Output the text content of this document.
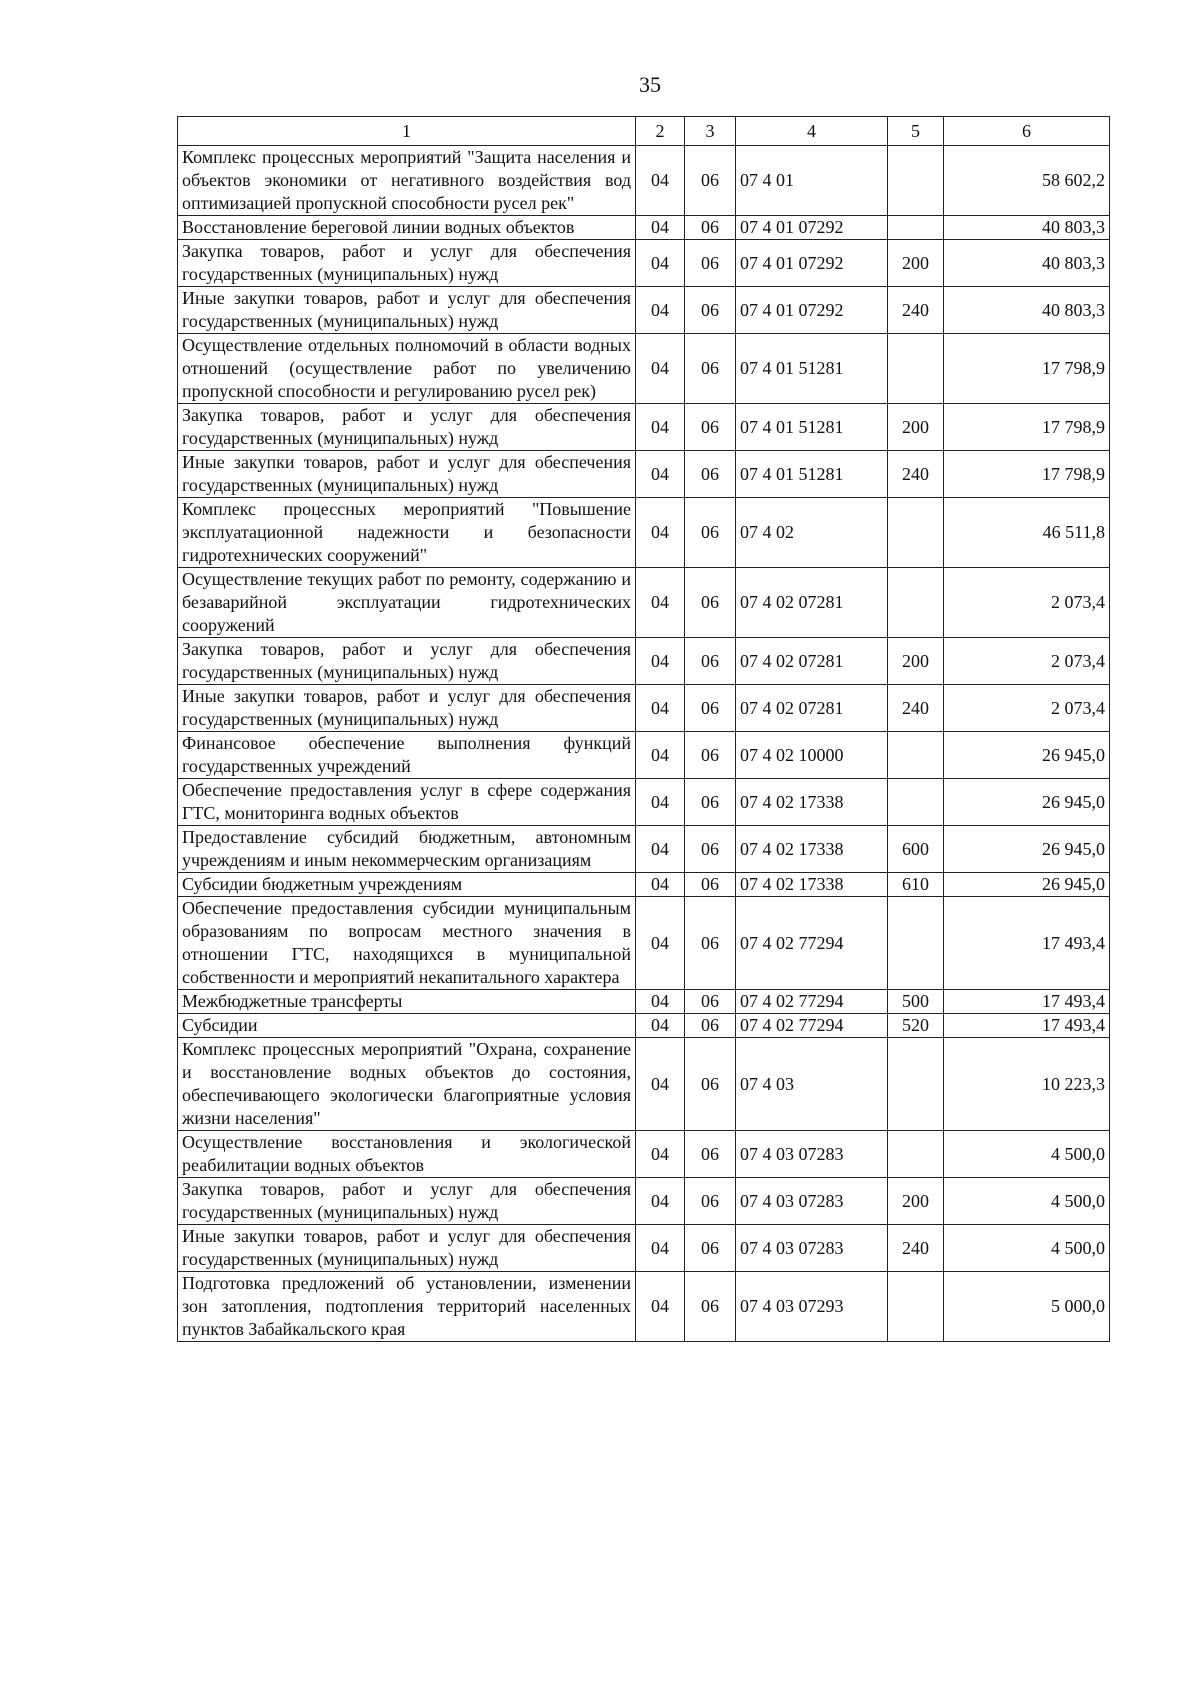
35
1	2	3	4	5	6
Комплекс процессных мероприятий "Защита населения и объектов экономики от негативного воздействия вод оптимизацией пропускной способности русел рек"	04	06	07 4 01		58 602,2
Восстановление береговой линии водных объектов	04	06	07 4 01 07292		40 803,3
Закупка товаров, работ и услуг для обеспечения государственных (муниципальных) нужд	04	06	07 4 01 07292	200	40 803,3
Иные закупки товаров, работ и услуг для обеспечения государственных (муниципальных) нужд	04	06	07 4 01 07292	240	40 803,3
Осуществление отдельных полномочий в области водных отношений (осуществление работ по увеличению пропускной способности и регулированию русел рек)	04	06	07 4 01 51281		17 798,9
Закупка товаров, работ и услуг для обеспечения государственных (муниципальных) нужд	04	06	07 4 01 51281	200	17 798,9
Иные закупки товаров, работ и услуг для обеспечения государственных (муниципальных) нужд	04	06	07 4 01 51281	240	17 798,9
Комплекс процессных мероприятий "Повышение эксплуатационной надежности и безопасности гидротехнических сооружений"	04	06	07 4 02		46 511,8
Осуществление текущих работ по ремонту, содержанию и безаварийной эксплуатации гидротехнических сооружений	04	06	07 4 02 07281		2 073,4
Закупка товаров, работ и услуг для обеспечения государственных (муниципальных) нужд	04	06	07 4 02 07281	200	2 073,4
Иные закупки товаров, работ и услуг для обеспечения государственных (муниципальных) нужд	04	06	07 4 02 07281	240	2 073,4
Финансовое обеспечение выполнения функций государственных учреждений	04	06	07 4 02 10000		26 945,0
Обеспечение предоставления услуг в сфере содержания ГТС, мониторинга водных объектов	04	06	07 4 02 17338		26 945,0
Предоставление субсидий бюджетным, автономным учреждениям и иным некоммерческим организациям	04	06	07 4 02 17338	600	26 945,0
Субсидии бюджетным учреждениям	04	06	07 4 02 17338	610	26 945,0
Обеспечение предоставления субсидии муниципальным образованиям по вопросам местного значения в отношении ГТС, находящихся в муниципальной собственности и мероприятий некапитального характера	04	06	07 4 02 77294		17 493,4
Межбюджетные трансферты	04	06	07 4 02 77294	500	17 493,4
Субсидии	04	06	07 4 02 77294	520	17 493,4
Комплекс процессных мероприятий "Охрана, сохранение и восстановление водных объектов до состояния, обеспечивающего экологически благоприятные условия жизни населения"	04	06	07 4 03		10 223,3
Осуществление восстановления и экологической реабилитации водных объектов	04	06	07 4 03 07283		4 500,0
Закупка товаров, работ и услуг для обеспечения государственных (муниципальных) нужд	04	06	07 4 03 07283	200	4 500,0
Иные закупки товаров, работ и услуг для обеспечения государственных (муниципальных) нужд	04	06	07 4 03 07283	240	4 500,0
Подготовка предложений об установлении, изменении зон затопления, подтопления территорий населенных пунктов Забайкальского края	04	06	07 4 03 07293		5 000,0
